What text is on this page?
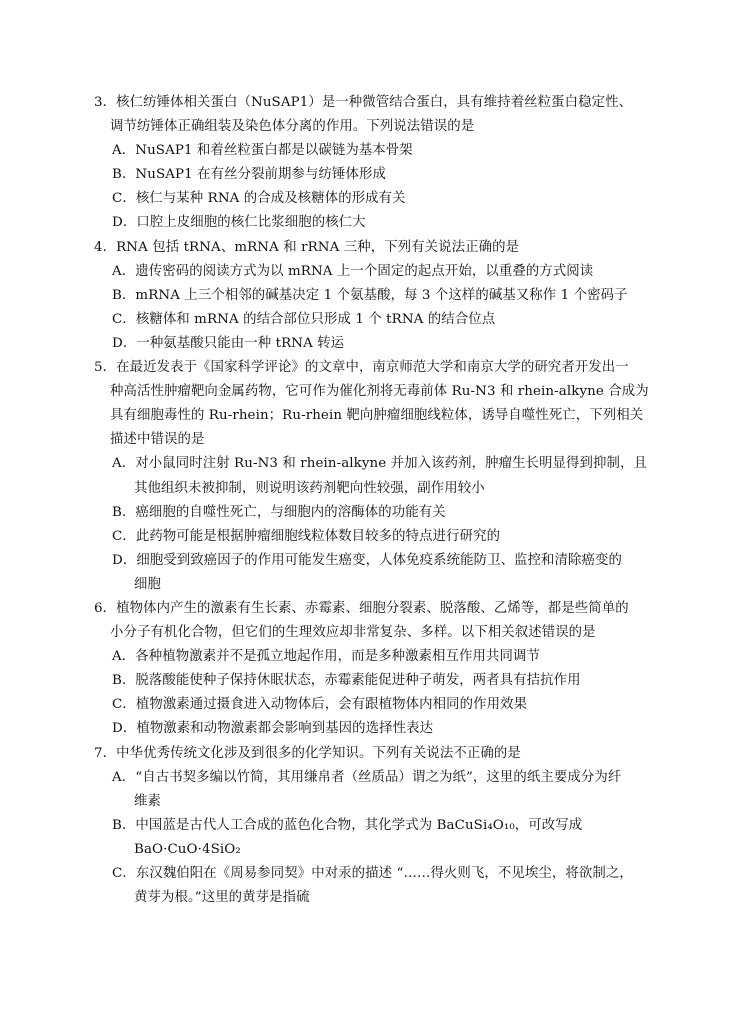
3．核仁纺锤体相关蛋白（NuSAP1）是一种微管结合蛋白，具有维持着丝粒蛋白稳定性、
调节纺锤体正确组装及染色体分离的作用。下列说法错误的是
A．NuSAP1 和着丝粒蛋白都是以碳链为基本骨架
B．NuSAP1 在有丝分裂前期参与纺锤体形成
C．核仁与某种 RNA 的合成及核糖体的形成有关
D．口腔上皮细胞的核仁比浆细胞的核仁大
4．RNA 包括 tRNA、mRNA 和 rRNA 三种，下列有关说法正确的是
A．遗传密码的阅读方式为以 mRNA 上一个固定的起点开始，以重叠的方式阅读
B．mRNA 上三个相邻的碱基决定 1 个氨基酸，每 3 个这样的碱基又称作 1 个密码子
C．核糖体和 mRNA 的结合部位只形成 1 个 tRNA 的结合位点
D．一种氨基酸只能由一种 tRNA 转运
5．在最近发表于《国家科学评论》的文章中，南京师范大学和南京大学的研究者开发出一
种高活性肿瘤靶向金属药物，它可作为催化剂将无毒前体 Ru-N3 和 rhein-alkyne 合成为
具有细胞毒性的 Ru-rhein；Ru-rhein 靶向肿瘤细胞线粒体，诱导自噬性死亡，下列相关
描述中错误的是
A．对小鼠同时注射 Ru-N3 和 rhein-alkyne 并加入该药剂，肿瘤生长明显得到抑制，且
其他组织未被抑制，则说明该药剂靶向性较强，副作用较小
B．癌细胞的自噬性死亡，与细胞内的溶酶体的功能有关
C．此药物可能是根据肿瘤细胞线粒体数目较多的特点进行研究的
D．细胞受到致癌因子的作用可能发生癌变，人体免疫系统能防卫、监控和清除癌变的
细胞
6．植物体内产生的激素有生长素、赤霉素、细胞分裂素、脱落酸、乙烯等，都是些简单的
小分子有机化合物，但它们的生理效应却非常复杂、多样。以下相关叙述错误的是
A．各种植物激素并不是孤立地起作用，而是多种激素相互作用共同调节
B．脱落酸能使种子保持休眠状态，赤霉素能促进种子萌发，两者具有拮抗作用
C．植物激素通过摄食进入动物体后，会有跟植物体内相同的作用效果
D．植物激素和动物激素都会影响到基因的选择性表达
7．中华优秀传统文化涉及到很多的化学知识。下列有关说法不正确的是
A．“自古书契多编以竹简，其用缣帛者（丝质品）谓之为纸”，这里的纸主要成分为纤
维素
B．中国蓝是古代人工合成的蓝色化合物，其化学式为 BaCuSi₄O₁₀，可改写成
BaO·CuO·4SiO₂
C．东汉魏伯阳在《周易参同契》中对汞的描述 “……得火则飞，不见埃尘，将欲制之，
黄芽为根。”这里的黄芽是指硫
